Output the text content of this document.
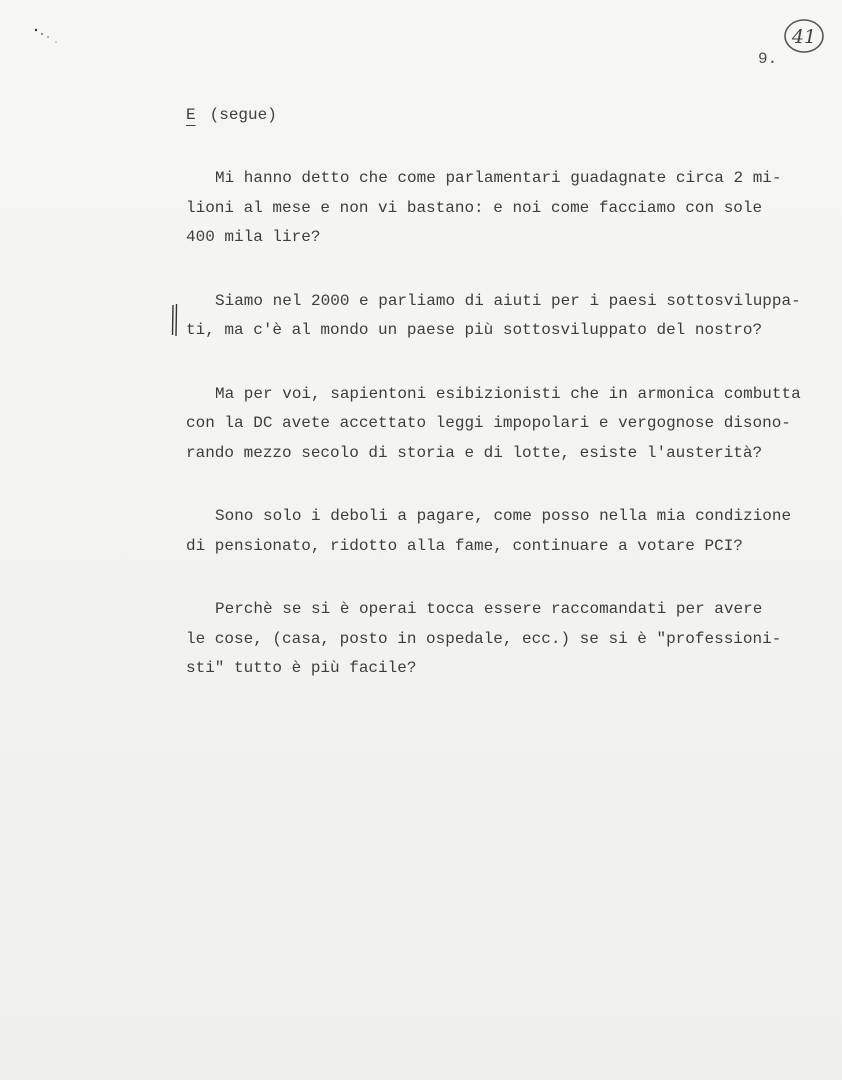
41
9.
E (segue)

Mi hanno detto che come parlamentari guadagnate circa 2 mi-
lioni al mese e non vi bastano: e noi come facciamo con sole
400 mila lire?

Siamo nel 2000 e parliamo di aiuti per i paesi sottosviluppa-
ti, ma c'è al mondo un paese più sottosviluppato del nostro?

Ma per voi, sapientoni esibizionisti che in armonica combutta
con la DC avete accettato leggi impopolari e vergognose disono-
rando mezzo secolo di storia e di lotte, esiste l'austerità?

Sono solo i deboli a pagare, come posso nella mia condizione
di pensionato, ridotto alla fame, continuare a votare PCI?

Perchè se si è operai tocca essere raccomandati per avere
le cose, (casa, posto in ospedale, ecc.) se si è "professioni-
sti" tutto è più facile?
